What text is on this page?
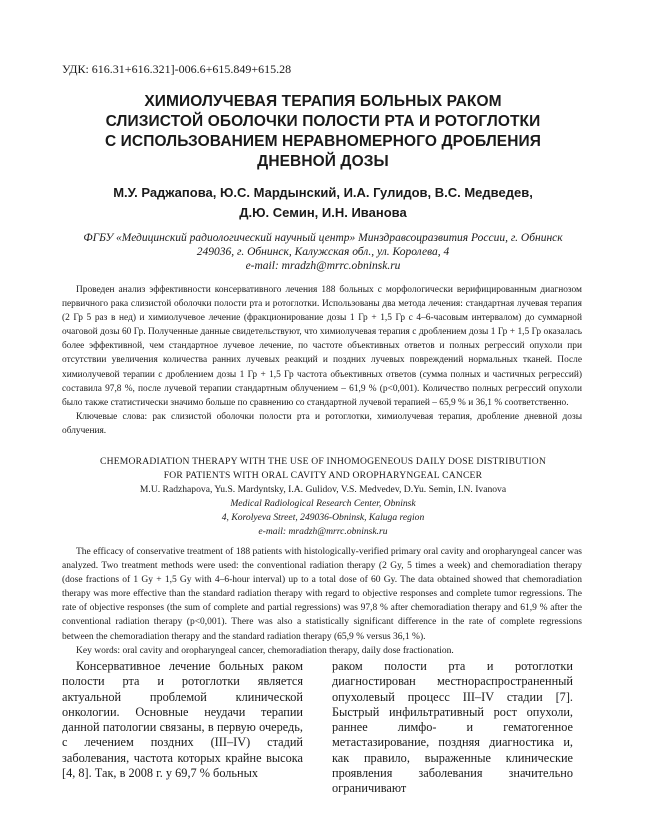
УДК: 616.31+616.321]-006.6+615.849+615.28
ХИМИОЛУЧЕВАЯ ТЕРАПИЯ БОЛЬНЫХ РАКОМ
СЛИЗИСТОЙ ОБОЛОЧКИ ПОЛОСТИ РТА И РОТОГЛОТКИ
С ИСПОЛЬЗОВАНИЕМ НЕРАВНОМЕРНОГО ДРОБЛЕНИЯ
ДНЕВНОЙ ДОЗЫ
М.У. Раджапова, Ю.С. Мардынский, И.А. Гулидов, В.С. Медведев,
Д.Ю. Семин, И.Н. Иванова
ФГБУ «Медицинский радиологический научный центр» Минздравсоцразвития России, г. Обнинск
249036, г. Обнинск, Калужская обл., ул. Королева, 4
e-mail: mradzh@mrrc.obninsk.ru

Проведен анализ эффективности консервативного лечения 188 больных с морфологически верифицированным диагнозом первичного рака слизистой оболочки полости рта и ротоглотки. Использованы два метода лечения: стандартная лучевая терапия (2 Гр 5 раз в нед) и химиолучевое лечение (фракционирование дозы 1 Гр + 1,5 Гр с 4–6-часовым интервалом) до суммарной очаговой дозы 60 Гр. Полученные данные свидетельствуют, что химиолучевая терапия с дроблением дозы 1 Гр + 1,5 Гр оказалась более эффективной, чем стандартное лучевое лечение, по частоте объективных ответов и полных регрессий опухоли при отсутствии увеличения количества ранних лучевых реакций и поздних лучевых повреждений нормальных тканей. После химиолучевой терапии с дроблением дозы 1 Гр + 1,5 Гр частота объективных ответов (сумма полных и частичных регрессий) составила 97,8 %, после лучевой терапии стандартным облучением – 61,9 % (р<0,001). Количество полных регрессий опухоли было также статистически значимо больше по сравнению со стандартной лучевой терапией – 65,9 % и 36,1 % соответственно.

Ключевые слова: рак слизистой оболочки полости рта и ротоглотки, химиолучевая терапия, дробление дневной дозы облучения.

CHEMORADIATION THERAPY WITH THE USE OF INHOMOGENEOUS DAILY DOSE DISTRIBUTION
FOR PATIENTS WITH ORAL CAVITY AND OROPHARYNGEAL CANCER
M.U. Radzhapova, Yu.S. Mardyntsky, I.A. Gulidov, V.S. Medvedev, D.Yu. Semin, I.N. Ivanova
Medical Radiological Research Center, Obninsk
4, Korolyeva Street, 249036-Obninsk, Kaluga region
e-mail: mradzh@mrrc.obninsk.ru

The efficacy of conservative treatment of 188 patients with histologically-verified primary oral cavity and oropharyngeal cancer was analyzed. Two treatment methods were used: the conventional radiation therapy (2 Gy, 5 times a week) and chemoradiation therapy (dose fractions of 1 Gy + 1,5 Gy with 4–6-hour interval) up to a total dose of 60 Gy. The data obtained showed that chemoradiation therapy was more effective than the standard radiation therapy with regard to objective responses and complete tumor regressions. The rate of objective responses (the sum of complete and partial regressions) was 97,8 % after chemoradiation therapy and 61,9 % after the conventional radiation therapy (p<0,001). There was also a statistically significant difference in the rate of complete regressions between the chemoradiation therapy and the standard radiation therapy (65,9 % versus 36,1 %).

Key words: oral cavity and oropharyngeal cancer, chemoradiation therapy, daily dose fractionation.

Консервативное лечение больных раком полости рта и ротоглотки является актуальной проблемой клинической онкологии. Основные неудачи терапии данной патологии связаны, в первую очередь, с лечением поздних (III–IV) стадий заболевания, частота которых крайне высока [4, 8]. Так, в 2008 г. у 69,7 % больных

раком полости рта и ротоглотки диагностирован местнораспространенный опухолевый процесс III–IV стадии [7]. Быстрый инфильтративный рост опухоли, раннее лимфо- и гематогенное метастазирование, поздняя диагностика и, как правило, выраженные клинические проявления заболевания значительно ограничивают
